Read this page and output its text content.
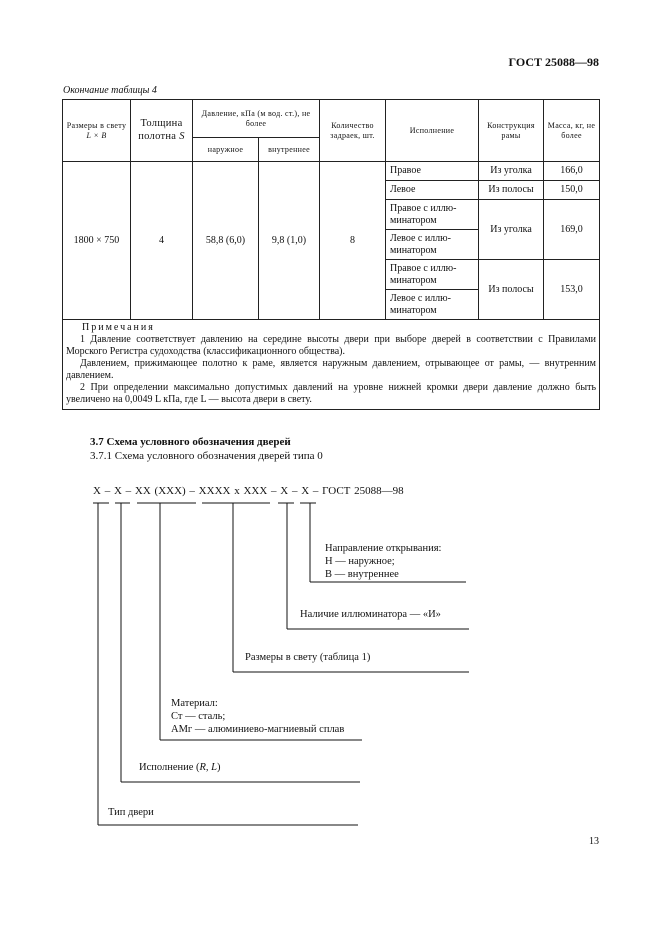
ГОСТ 25088—98
Окончание таблицы 4
Размеры в свету
L × B	Толщина полотна S	Давление, кПа (м вод. ст.), не более		Количество задраек, шт.	Исполнение	Конструкция рамы	Масса, кг, не более
		наружное	внутреннее				
1800 × 750	4	58,8 (6,0)	9,8 (1,0)	8	Правое	Из уголка	166,0
					Левое	Из полосы	150,0
					Правое с иллю-
минатором	Из уголка	169,0
					Левое с иллю-
минатором		
					Правое с иллю-
минатором	Из полосы	153,0
					Левое с иллю-
минатором		

Примечания
1 Давление соответствует давлению на середине высоты двери при выборе дверей в соответствии с Правилами Морского Регистра судоходства (классификационного общества).
Давлением, прижимающее полотно к раме, является наружным давлением, отрывающее от рамы, — внутренним давлением.
2 При определении максимально допустимых давлений на уровне нижней кромки двери давление должно быть увеличено на 0,0049 L кПа, где L — высота двери в свету.							
3.7 Схема условного обозначения дверей
3.7.1 Схема условного обозначения дверей типа 0
Х – Х – ХХ (ХХХ) – ХХХХ х ХХХ – Х – Х – ГОСТ 25088—98
Направление открывания:
Н — наружное;
В — внутреннее
Наличие иллюминатора — «И»
Размеры в свету (таблица 1)
Материал:
Ст — сталь;
АМг — алюминиево-магниевый сплав
Исполнение (R, L)
Тип двери
13
